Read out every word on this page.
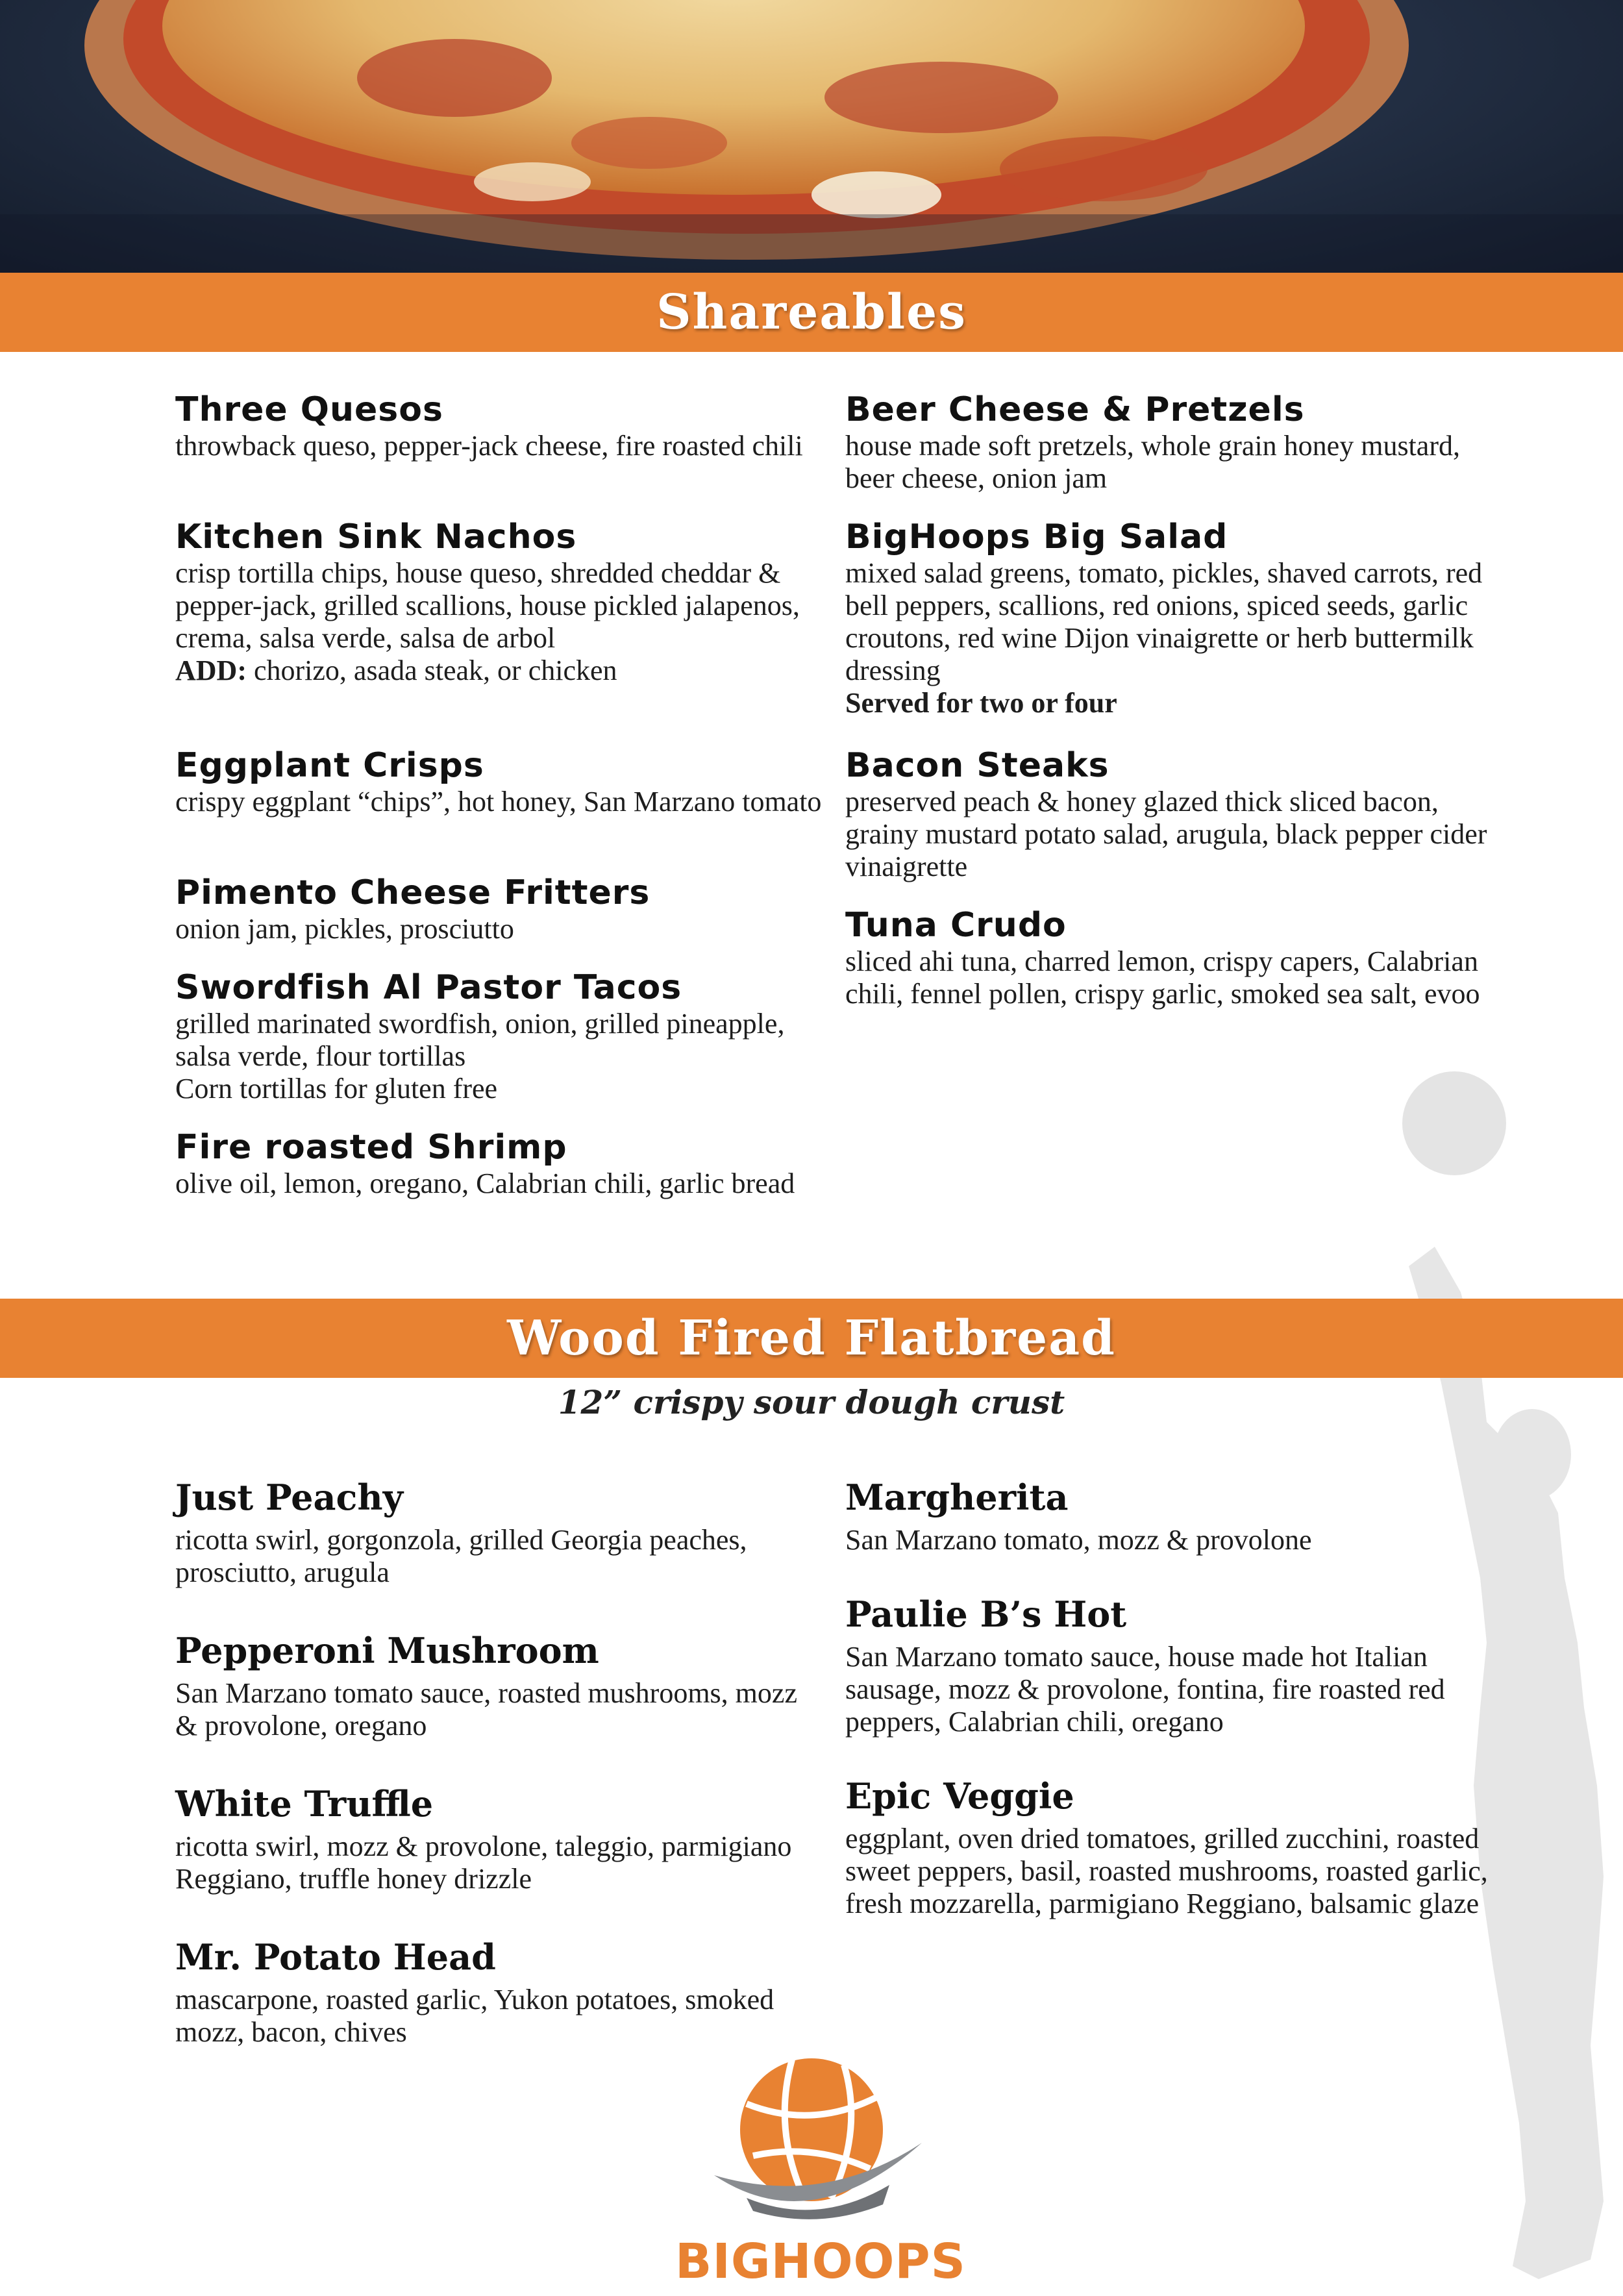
Shareables
Three Quesos
throwback queso, pepper-jack cheese, fire roasted chili
Kitchen Sink Nachos
crisp tortilla chips, house queso, shredded cheddar & pepper-jack, grilled scallions, house pickled jalapenos, crema, salsa verde, salsa de arbol
ADD: chorizo, asada steak, or chicken
Eggplant Crisps
crispy eggplant “chips”, hot honey, San Marzano tomato
Pimento Cheese Fritters
onion jam, pickles, prosciutto
Swordfish Al Pastor Tacos
grilled marinated swordfish, onion, grilled pineapple, salsa verde, flour tortillas
Corn tortillas for gluten free
Fire roasted Shrimp
olive oil, lemon, oregano, Calabrian chili, garlic bread
Beer Cheese & Pretzels
house made soft pretzels, whole grain honey mustard, beer cheese, onion jam
BigHoops Big Salad
mixed salad greens, tomato, pickles, shaved carrots, red bell peppers, scallions, red onions, spiced seeds, garlic croutons, red wine Dijon vinaigrette or herb buttermilk dressing
Served for two or four
Bacon Steaks
preserved peach & honey glazed thick sliced bacon, grainy mustard potato salad, arugula, black pepper cider vinaigrette
Tuna Crudo
sliced ahi tuna, charred lemon, crispy capers, Calabrian chili, fennel pollen, crispy garlic, smoked sea salt, evoo
Wood Fired Flatbread
12” crispy sour dough crust
Just Peachy
ricotta swirl, gorgonzola, grilled Georgia peaches, prosciutto, arugula
Pepperoni Mushroom
San Marzano tomato sauce, roasted mushrooms, mozz & provolone, oregano
White Truffle
ricotta swirl, mozz & provolone, taleggio, parmigiano Reggiano, truffle honey drizzle
Mr. Potato Head
mascarpone, roasted garlic, Yukon potatoes, smoked mozz, bacon, chives
Margherita
San Marzano tomato, mozz & provolone
Paulie B’s Hot
San Marzano tomato sauce, house made hot Italian sausage, mozz & provolone, fontina, fire roasted red peppers, Calabrian chili, oregano
Epic Veggie
eggplant, oven dried tomatoes, grilled zucchini, roasted sweet peppers, basil, roasted mushrooms, roasted garlic, fresh mozzarella, parmigiano Reggiano, balsamic glaze
BIGHOOPS
